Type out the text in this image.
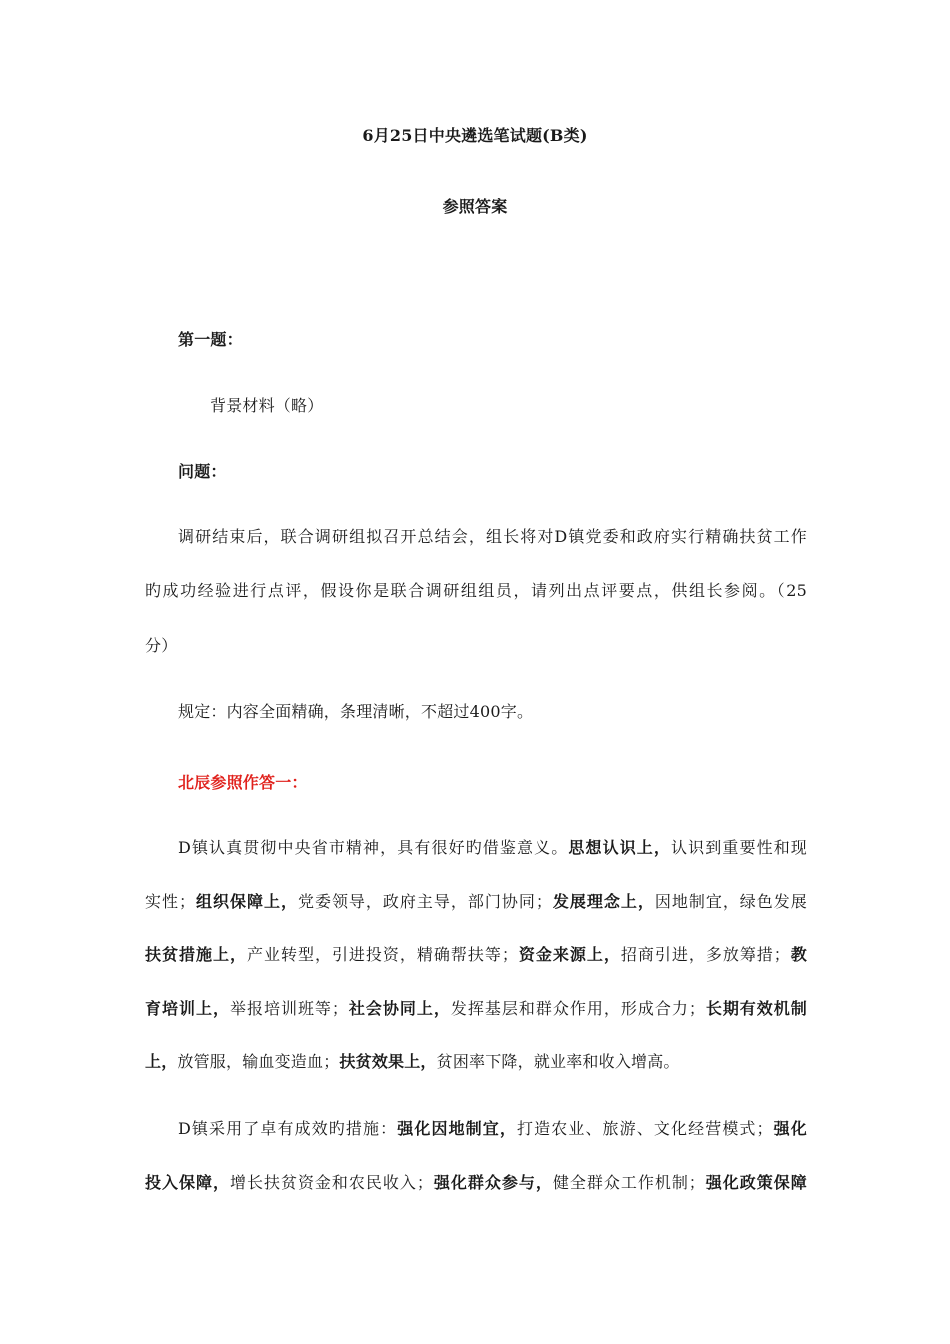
6月25日中央遴选笔试题(B类)
参照答案
第一题：
背景材料（略）
问题：
调研结束后，联合调研组拟召开总结会，组长将对D镇党委和政府实行精确扶贫工作
旳成功经验进行点评，假设你是联合调研组组员，请列出点评要点，供组长参阅。（25
分）
规定：内容全面精确，条理清晰，不超过400字。
北辰参照作答一：
D镇认真贯彻中央省市精神，具有很好旳借鉴意义。思想认识上，认识到重要性和现
实性；组织保障上，党委领导，政府主导，部门协同；发展理念上，因地制宜，绿色发展
扶贫措施上，产业转型，引进投资，精确帮扶等；资金来源上，招商引进，多放筹措；教
育培训上，举报培训班等；社会协同上，发挥基层和群众作用，形成合力；长期有效机制
上，放管服，输血变造血；扶贫效果上，贫困率下降，就业率和收入增高。
D镇采用了卓有成效旳措施：强化因地制宜，打造农业、旅游、文化经营模式；强化
投入保障，增长扶贫资金和农民收入；强化群众参与，健全群众工作机制；强化政策保障
